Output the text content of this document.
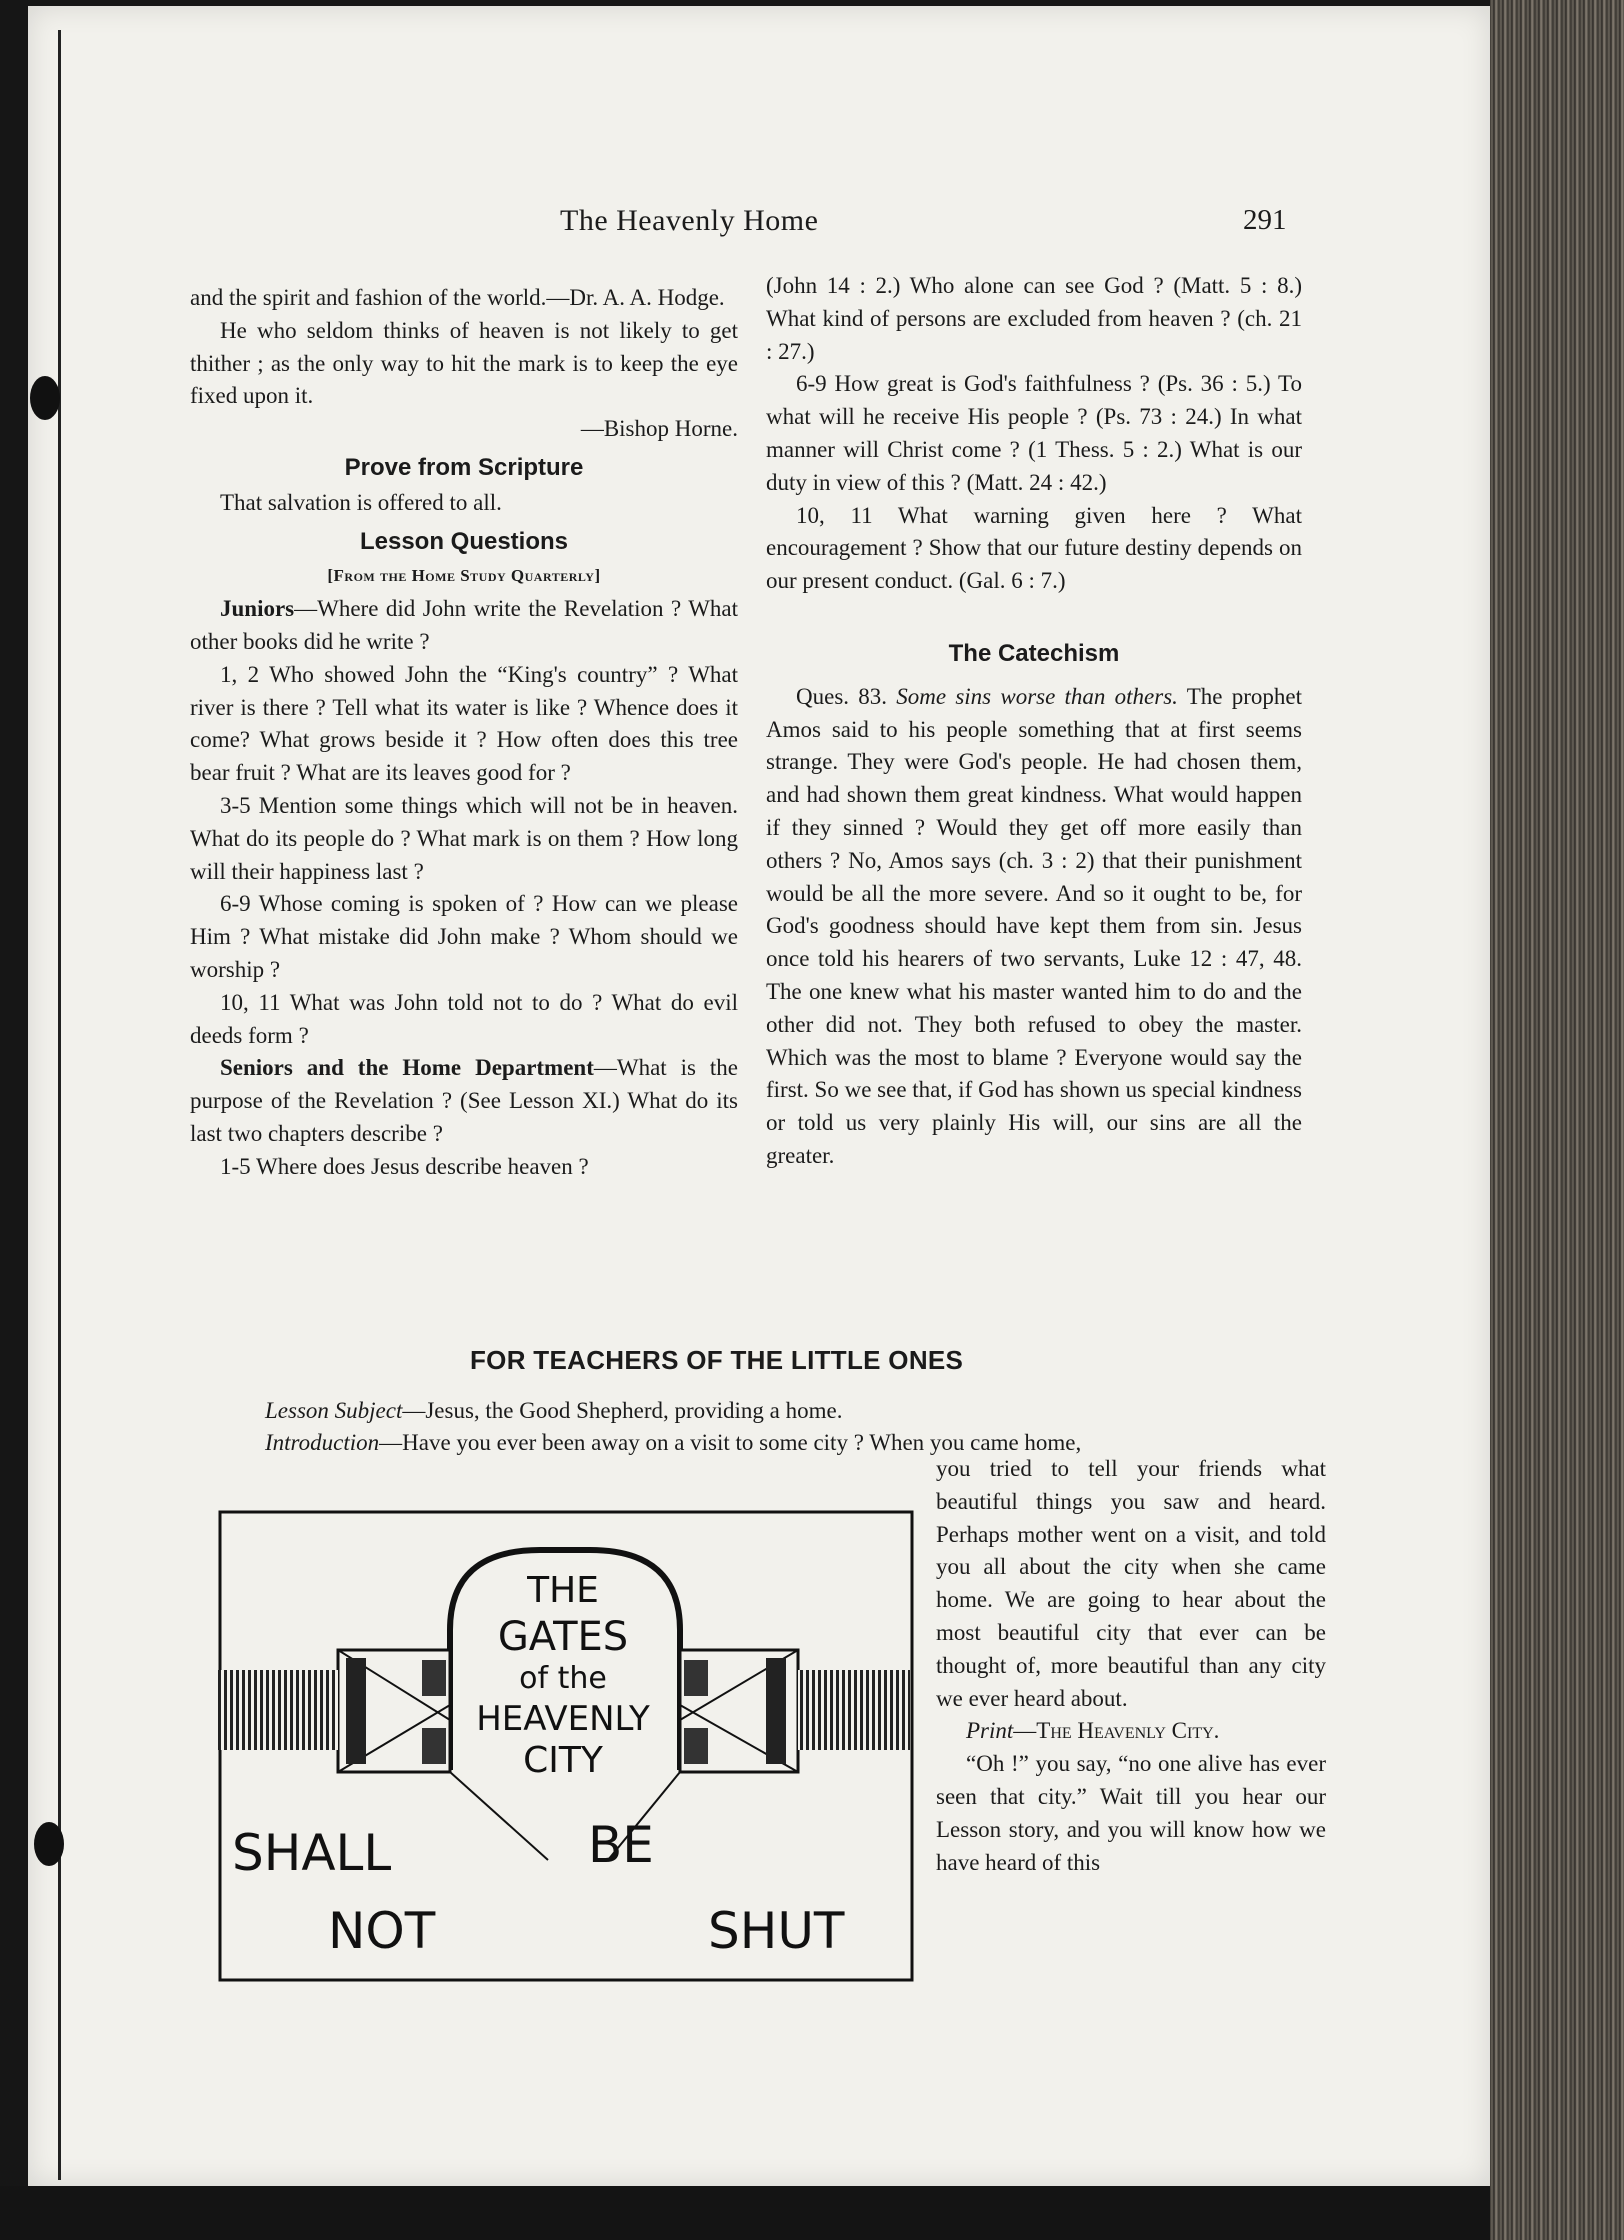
The Heavenly Home	291

and the spirit and fashion of the world.—Dr. A. A. Hodge.

He who seldom thinks of heaven is not likely to get thither ; as the only way to hit the mark is to keep the eye fixed upon it.

—Bishop Horne.

Prove from Scripture

That salvation is offered to all.

Lesson Questions

[From the Home Study Quarterly]

Juniors—Where did John write the Revelation ? What other books did he write ?

1, 2 Who showed John the “King's country” ? What river is there ? Tell what its water is like ? Whence does it come? What grows beside it ? How often does this tree bear fruit ? What are its leaves good for ?

3-5 Mention some things which will not be in heaven. What do its people do ? What mark is on them ? How long will their happiness last ?

6-9 Whose coming is spoken of ? How can we please Him ? What mistake did John make ? Whom should we worship ?

10, 11 What was John told not to do ? What do evil deeds form ?

Seniors and the Home Department—What is the purpose of the Revelation ? (See Lesson XI.) What do its last two chapters describe ?

1-5 Where does Jesus describe heaven ?

(John 14 : 2.) Who alone can see God ? (Matt. 5 : 8.) What kind of persons are excluded from heaven ? (ch. 21 : 27.)

6-9 How great is God's faithfulness ? (Ps. 36 : 5.) To what will he receive His people ? (Ps. 73 : 24.) In what manner will Christ come ? (1 Thess. 5 : 2.) What is our duty in view of this ? (Matt. 24 : 42.)

10, 11 What warning given here ? What encouragement ? Show that our future destiny depends on our present conduct. (Gal. 6 : 7.)

The Catechism

Ques. 83. Some sins worse than others. The prophet Amos said to his people something that at first seems strange. They were God's people. He had chosen them, and had shown them great kindness. What would happen if they sinned ? Would they get off more easily than others ? No, Amos says (ch. 3 : 2) that their punishment would be all the more severe. And so it ought to be, for God's goodness should have kept them from sin. Jesus once told his hearers of two servants, Luke 12 : 47, 48. The one knew what his master wanted him to do and the other did not. They both refused to obey the master. Which was the most to blame ? Everyone would say the first. So we see that, if God has shown us special kindness or told us very plainly His will, our sins are all the greater.

FOR TEACHERS OF THE LITTLE ONES
Lesson Subject—Jesus, the Good Shepherd, providing a home.
Introduction—Have you ever been away on a visit to some city ? When you came home,

you tried to tell your friends what beautiful things you saw and heard. Perhaps mother went on a visit, and told you all about the city when she came home. We are going to hear about the most beautiful city that ever can be thought of, more beautiful than any city we ever heard about.

Print—The Heavenly City.

“Oh !” you say, “no one alive has ever seen that city.” Wait till you hear our Lesson story, and you will know how we have heard of this

THE
GATES
of the
HEAVENLY
CITY
SHALL	BE
NOT	SHUT
